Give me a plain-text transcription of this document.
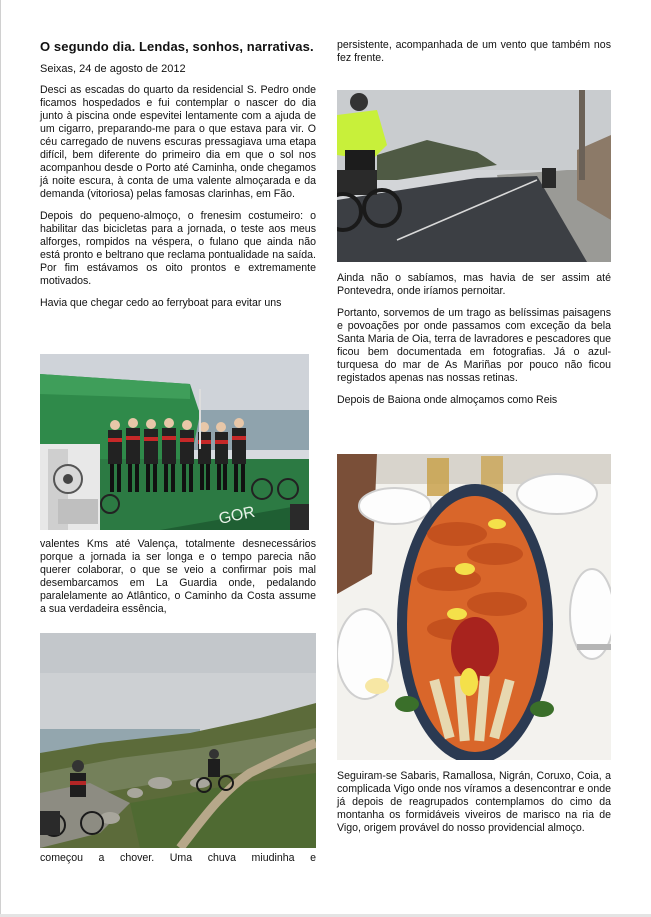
O segundo dia. Lendas, sonhos, narrativas.
Seixas, 24 de agosto de 2012

Desci as escadas do quarto da residencial S. Pedro onde ficamos hospedados e fui contemplar o nascer do dia junto à piscina onde espevitei lentamente com a ajuda de um cigarro, preparando-me para o que estava para vir. O céu carregado de nuvens escuras pressagiava uma etapa difícil, bem diferente do primeiro dia em que o sol nos acompanhou desde o Porto até Caminha, onde chegamos já noite escura, à conta de uma valente almoçarada e da demanda (vitoriosa) pelas famosas clarinhas, em Fão.

Depois do pequeno-almoço, o frenesim costumeiro: o habilitar das bicicletas para a jornada, o teste aos meus alforges, rompidos na véspera, o fulano que ainda não está pronto e beltrano que reclama pontualidade na saída. Por fim estávamos os oito prontos e extremamente motivados.

Havia que chegar cedo ao ferryboat para evitar uns

GOR

valentes Kms até Valença, totalmente desnecessários porque a jornada ia ser longa e o tempo parecia não querer colaborar, o que se veio a confirmar pois mal desembarcamos em La Guardia onde, pedalando paralelamente ao Atlântico, o Caminho da Costa assume a sua verdadeira essência,

começou a chover. Uma chuva miudinha e

persistente, acompanhada de um vento que também nos fez frente.

Ainda não o sabíamos, mas havia de ser assim até Pontevedra, onde iríamos pernoitar.

Portanto, sorvemos de um trago as belíssimas paisagens e povoações por onde passamos com exceção da bela Santa Maria de Oia, terra de lavradores e pescadores que ficou bem documentada em fotografias. Já o azul-turquesa do mar de As Mariñas por pouco não ficou registados apenas nas nossas retinas.

Depois de Baiona onde almoçamos como Reis

Seguiram-se Sabaris, Ramallosa, Nigrán, Coruxo, Coia, a complicada Vigo onde nos víramos a desencontrar e onde já depois de reagrupados contemplamos do cimo da montanha os formidáveis viveiros de marisco na ria de Vigo, origem provável do nosso providencial almoço.
